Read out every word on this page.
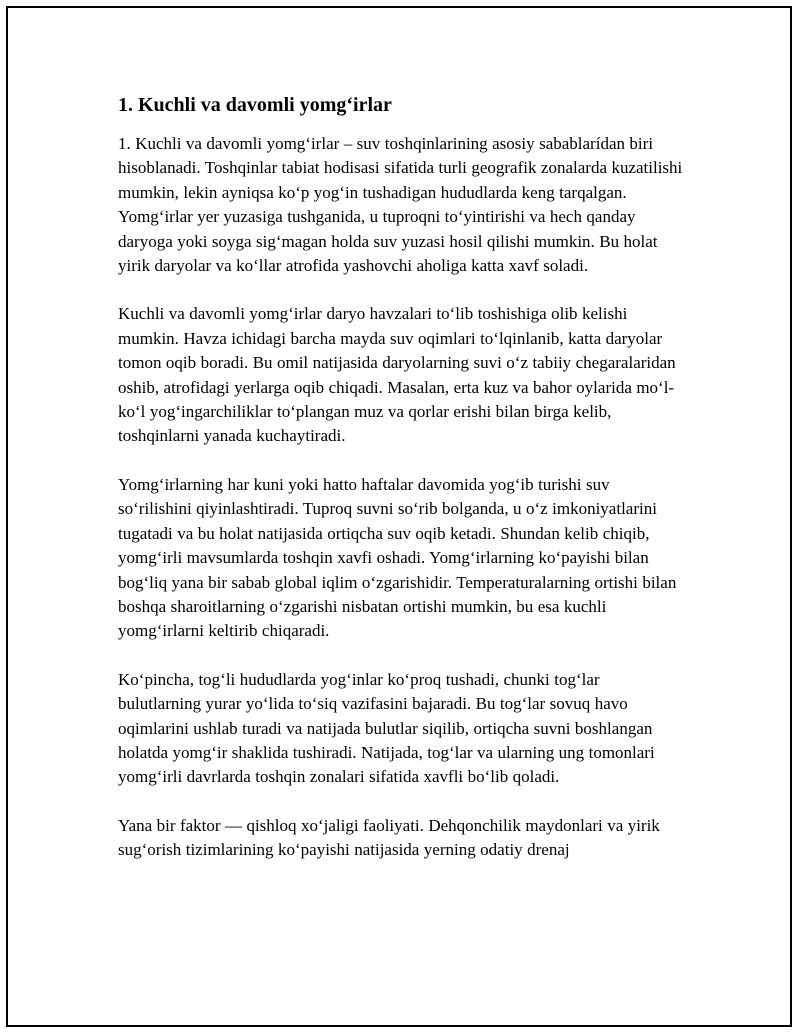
1. Kuchli va davomli yomg‘irlar

1. Kuchli va davomli yomg‘irlar – suv toshqinlarining asosiy sabablarídan biri hisoblanadi. Toshqinlar tabiat hodisasi sifatida turli geografik zonalarda kuzatilishi mumkin, lekin ayniqsa ko‘p yog‘in tushadigan hududlarda keng tarqalgan. Yomg‘irlar yer yuzasiga tushganida, u tuproqni to‘yintirishi va hech qanday daryoga yoki soyga sig‘magan holda suv yuzasi hosil qilishi mumkin. Bu holat yirik daryolar va ko‘llar atrofida yashovchi aholiga katta xavf soladi.

Kuchli va davomli yomg‘irlar daryo havzalari to‘lib toshishiga olib kelishi mumkin. Havza ichidagi barcha mayda suv oqimlari to‘lqinlanib, katta daryolar tomon oqib boradi. Bu omil natijasida daryolarning suvi o‘z tabiiy chegaralaridan oshib, atrofidagi yerlarga oqib chiqadi. Masalan, erta kuz va bahor oylarida mo‘l-ko‘l yog‘ingarchiliklar to‘plangan muz va qorlar erishi bilan birga kelib, toshqinlarni yanada kuchaytiradi.

Yomg‘irlarning har kuni yoki hatto haftalar davomida yog‘ib turishi suv so‘rilishini qiyinlashtiradi. Tuproq suvni so‘rib bolganda, u o‘z imkoniyatlarini tugatadi va bu holat natijasida ortiqcha suv oqib ketadi. Shundan kelib chiqib, yomg‘irli mavsumlarda toshqin xavfi oshadi. Yomg‘irlarning ko‘payishi bilan bog‘liq yana bir sabab global iqlim o‘zgarishidir. Temperaturalarning ortishi bilan boshqa sharoitlarning o‘zgarishi nisbatan ortishi mumkin, bu esa kuchli yomg‘irlarni keltirib chiqaradi.

Ko‘pincha, tog‘li hududlarda yog‘inlar ko‘proq tushadi, chunki tog‘lar bulutlarning yurar yo‘lida to‘siq vazifasini bajaradi. Bu tog‘lar sovuq havo oqimlarini ushlab turadi va natijada bulutlar siqilib, ortiqcha suvni boshlangan holatda yomg‘ir shaklida tushiradi. Natijada, tog‘lar va ularning ung tomonlari yomg‘irli davrlarda toshqin zonalari sifatida xavfli bo‘lib qoladi.

Yana bir faktor — qishloq xo‘jaligi faoliyati. Dehqonchilik maydonlari va yirik sug‘orish tizimlarining ko‘payishi natijasida yerning odatiy drenaj
